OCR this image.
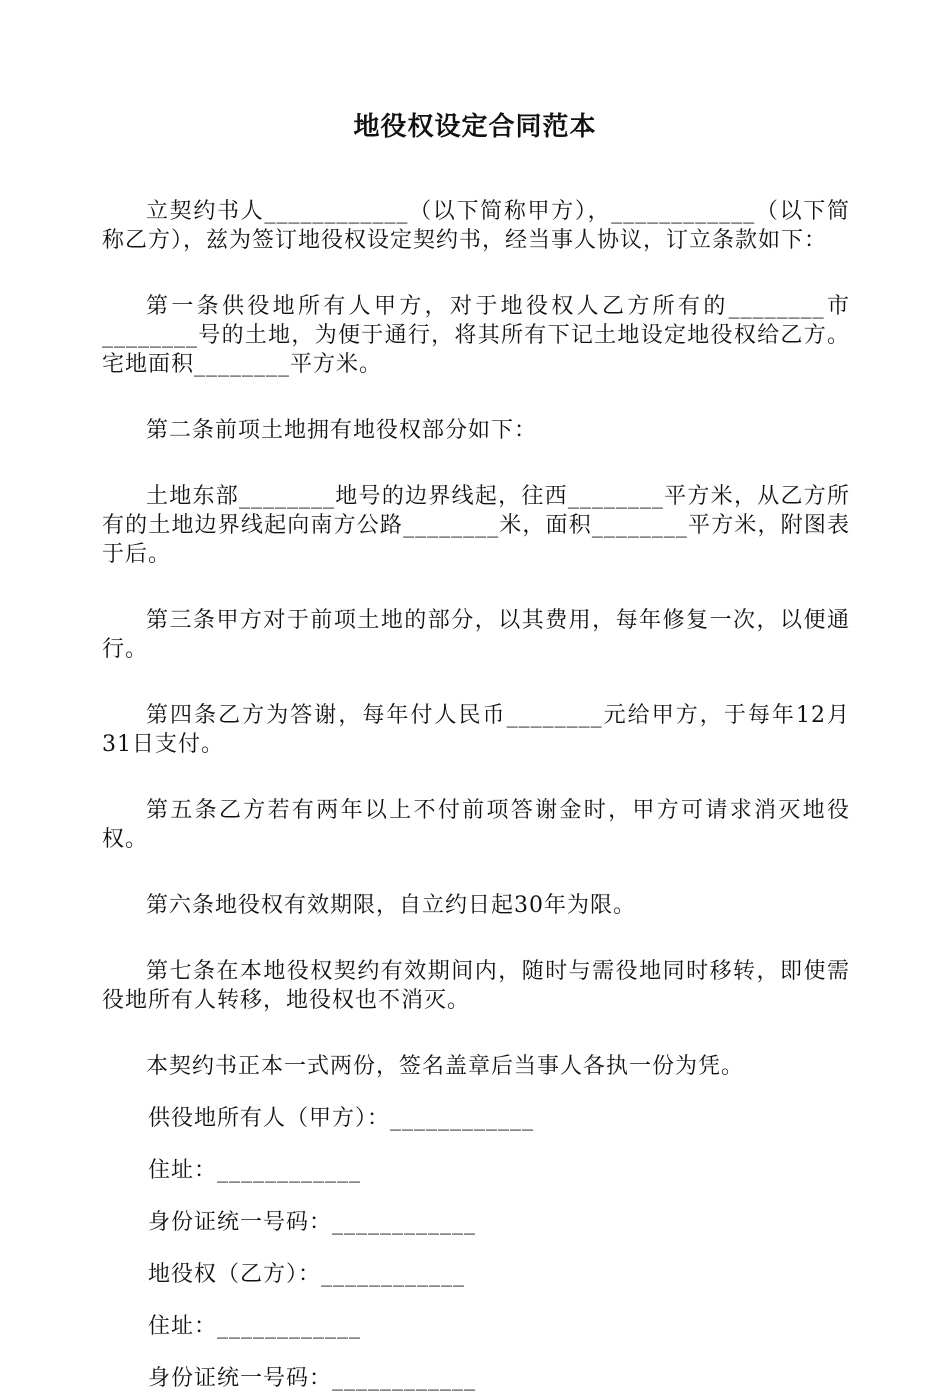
地役权设定合同范本

立契约书人____________（以下简称甲方），____________（以下简称乙方），兹为签订地役权设定契约书，经当事人协议，订立条款如下：

第一条供役地所有人甲方，对于地役权人乙方所有的________市________号的土地，为便于通行，将其所有下记土地设定地役权给乙方。宅地面积________平方米。

第二条前项土地拥有地役权部分如下：

土地东部________地号的边界线起，往西________平方米，从乙方所有的土地边界线起向南方公路________米，面积________平方米，附图表于后。

第三条甲方对于前项土地的部分，以其费用，每年修复一次，以便通行。

第四条乙方为答谢，每年付人民币________元给甲方，于每年12月31日支付。

第五条乙方若有两年以上不付前项答谢金时，甲方可请求消灭地役权。

第六条地役权有效期限，自立约日起30年为限。

第七条在本地役权契约有效期间内，随时与需役地同时移转，即使需役地所有人转移，地役权也不消灭。

本契约书正本一式两份，签名盖章后当事人各执一份为凭。

供役地所有人（甲方）：____________

住址：____________

身份证统一号码：____________

地役权（乙方）：____________

住址：____________

身份证统一号码：____________
